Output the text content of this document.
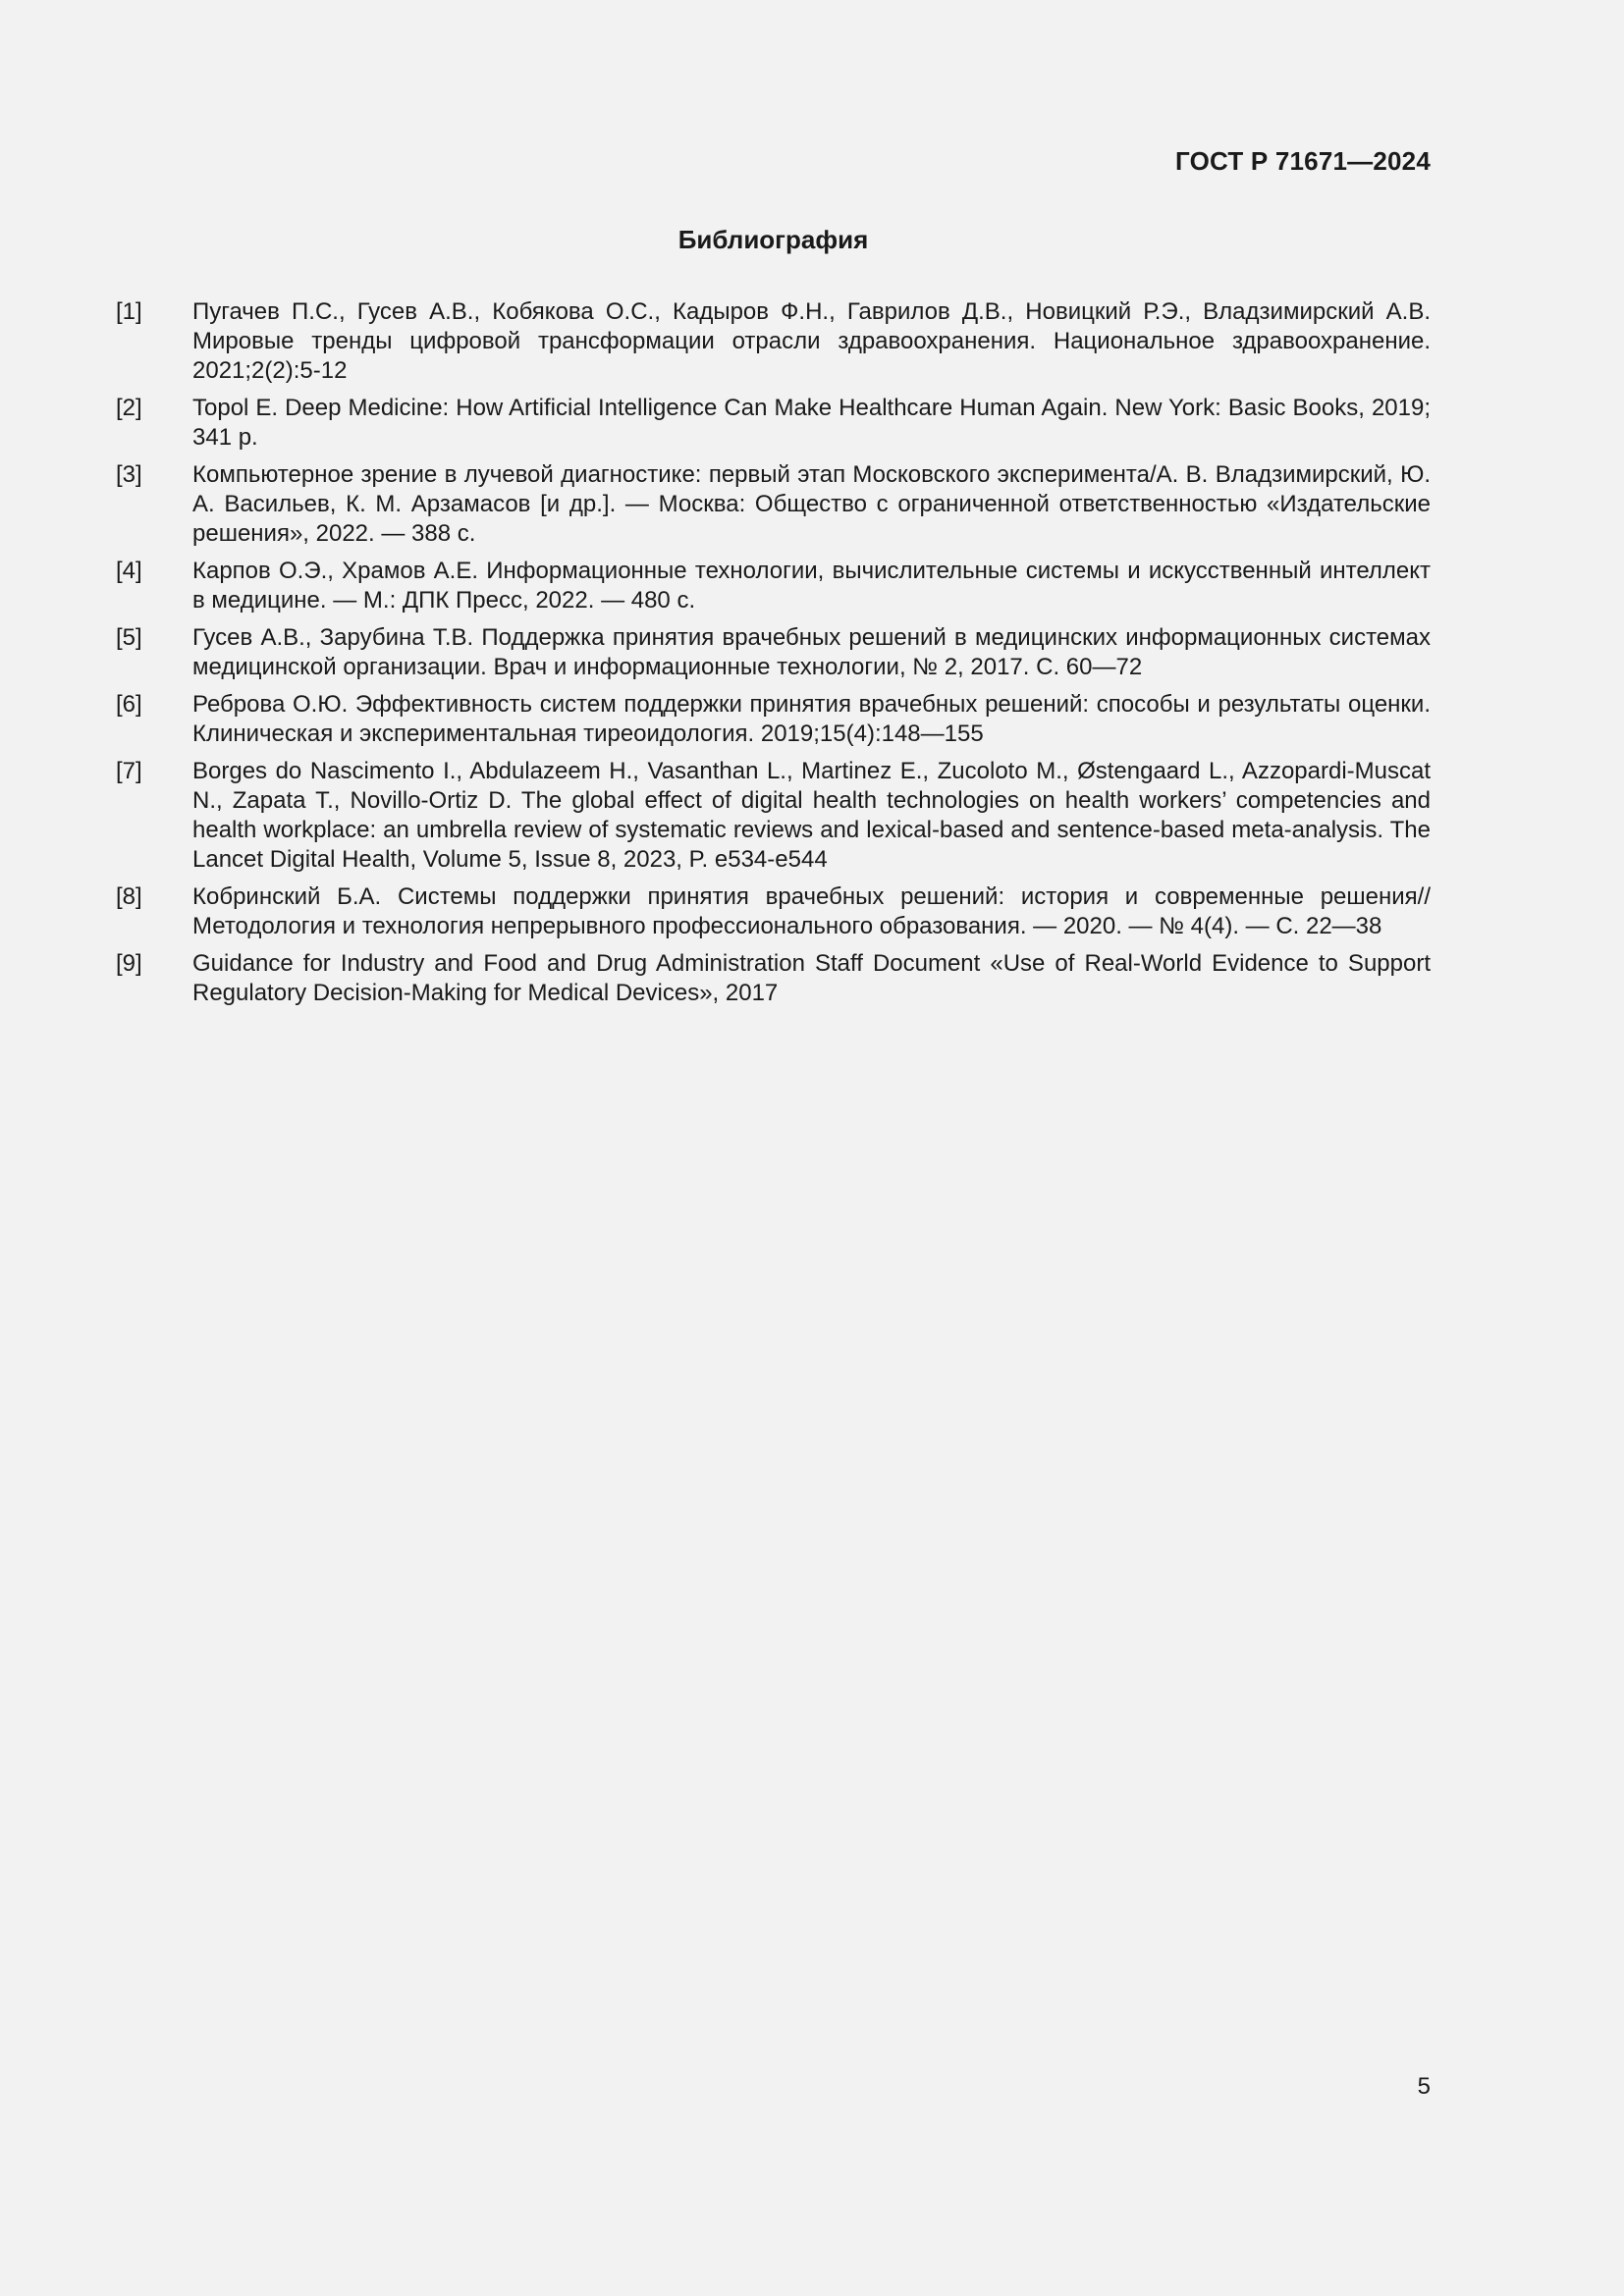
ГОСТ Р 71671—2024
Библиография
[1]	Пугачев П.С., Гусев А.В., Кобякова О.С., Кадыров Ф.Н., Гаврилов Д.В., Новицкий Р.Э., Владзимирский А.В. Мировые тренды цифровой трансформации отрасли здравоохранения. Национальное здравоохранение. 2021;2(2):5-12
[2]	Topol E. Deep Medicine: How Artificial Intelligence Can Make Healthcare Human Again. New York: Basic Books, 2019; 341 p.
[3]	Компьютерное зрение в лучевой диагностике: первый этап Московского эксперимента/А. В. Владзимирский, Ю. А. Васильев, К. М. Арзамасов [и др.]. — Москва: Общество с ограниченной ответственностью «Издательские решения», 2022. — 388 с.
[4]	Карпов О.Э., Храмов А.Е. Информационные технологии, вычислительные системы и искусственный интеллект в медицине. — М.: ДПК Пресс, 2022. — 480 с.
[5]	Гусев А.В., Зарубина Т.В. Поддержка принятия врачебных решений в медицинских информационных системах медицинской организации. Врач и информационные технологии, № 2, 2017. С. 60—72
[6]	Реброва О.Ю. Эффективность систем поддержки принятия врачебных решений: способы и результаты оценки. Клиническая и экспериментальная тиреоидология. 2019;15(4):148—155
[7]	Borges do Nascimento I., Abdulazeem H., Vasanthan L., Martinez E., Zucoloto M., Østengaard L., Azzopardi-Muscat N., Zapata T., Novillo-Ortiz D. The global effect of digital health technologies on health workers’ competencies and health workplace: an umbrella review of systematic reviews and lexical-based and sentence-based meta-analysis. The Lancet Digital Health, Volume 5, Issue 8, 2023, P. e534-e544
[8]	Кобринский Б.А. Системы поддержки принятия врачебных решений: история и современные решения// Методология и технология непрерывного профессионального образования. — 2020. — № 4(4). — С. 22—38
[9]	Guidance for Industry and Food and Drug Administration Staff Document «Use of Real-World Evidence to Support Regulatory Decision-Making for Medical Devices», 2017
5
